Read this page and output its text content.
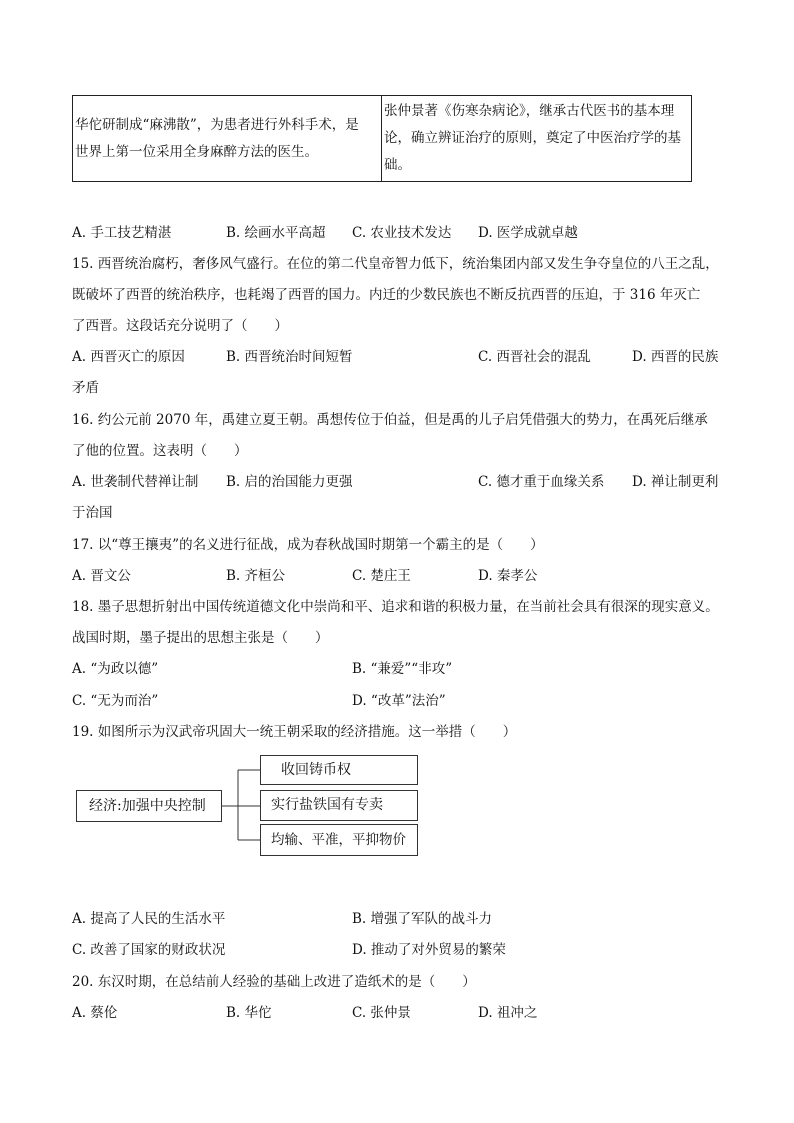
华佗研制成“麻沸散”，为患者进行外科手术，是
世界上第一位采用全身麻醉方法的医生。
张仲景著《伤寒杂病论》，继承古代医书的基本理
论，确立辨证治疗的原则，奠定了中医治疗学的基
础。
A. 手工技艺精湛	B. 绘画水平高超 C. 农业技术发达 D. 医学成就卓越
15. 西晋统治腐朽，奢侈风气盛行。在位的第二代皇帝智力低下，统治集团内部又发生争夺皇位的八王之乱，
既破坏了西晋的统治秩序，也耗竭了西晋的国力。内迁的少数民族也不断反抗西晋的压迫，于 316 年灭亡
了西晋。这段话充分说明了（　　）
A. 西晋灭亡的原因	B. 西晋统治时间短暂	C. 西晋社会的混乱	D. 西晋的民族
矛盾
16. 约公元前 2070 年，禹建立夏王朝。禹想传位于伯益，但是禹的儿子启凭借强大的势力，在禹死后继承
了他的位置。这表明（　　）
A. 世袭制代替禅让制 B. 启的治国能力更强	C. 德才重于血缘关系 D. 禅让制更利
于治国
17. 以“尊王攘夷”的名义进行征战，成为春秋战国时期第一个霸主的是（　　）
A. 晋文公	B. 齐桓公	C. 楚庄王	D. 秦孝公
18. 墨子思想折射出中国传统道德文化中崇尚和平、追求和谐的积极力量，在当前社会具有很深的现实意义。
战国时期，墨子提出的思想主张是（　　）
A. “为政以德”	B. “兼爱”“非攻”
C. “无为而治”	D. “改革”法治”
19. 如图所示为汉武帝巩固大一统王朝采取的经济措施。这一举措（　　）
经济:加强中央控制
收回铸币权
实行盐铁国有专卖
均输、平准，平抑物价
A. 提高了人民的生活水平	B. 增强了军队的战斗力
C. 改善了国家的财政状况	D. 推动了对外贸易的繁荣
20. 东汉时期，在总结前人经验的基础上改进了造纸术的是（　　）
A. 蔡伦	B. 华佗	C. 张仲景	D. 祖冲之
